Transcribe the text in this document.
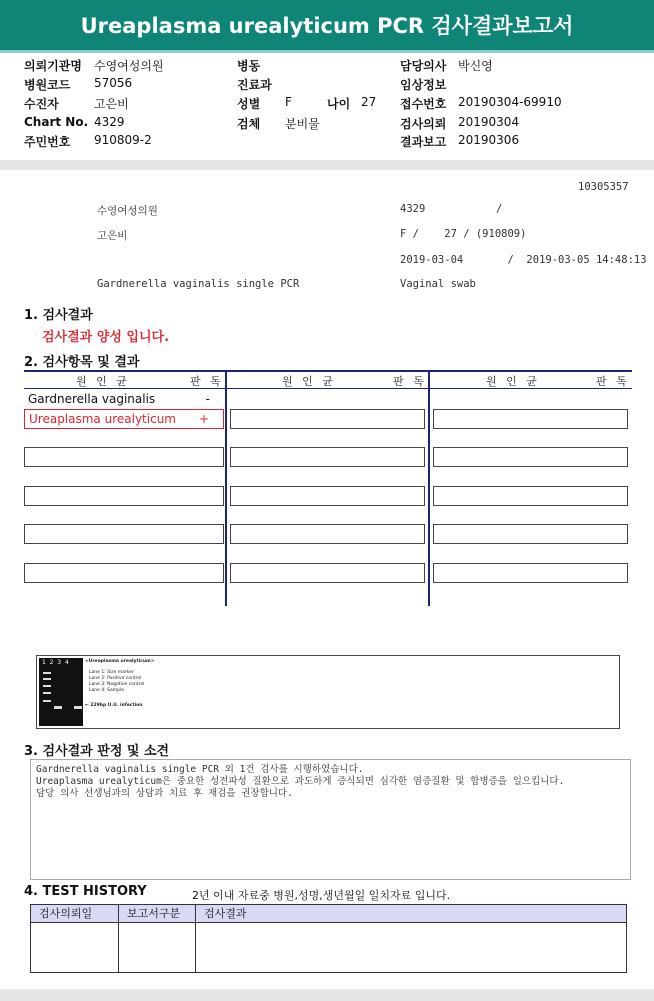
Ureaplasma urealyticum PCR 검사결과보고서
의뢰기관명 수영여성의원
병원코드 57056
수진자	고은비
Chart No. 4329
주민번호 910809-2
병동
진료과
성별 F	나이 27
검체 분비물
담당의사 박신영
임상정보
접수번호 20190304-69910
검사의뢰 20190304
결과보고 20190306
10305357
수영여성의원	4329	/
고은비	F /    27 / (910809)
2019-03-04       /  2019-03-05 14:48:13
Gardnerella vaginalis single PCR	Vaginal swab
1. 검사결과
검사결과 양성 입니다.
2. 검사항목 및 결과
원 인 균	판 독	원 인 균	판 독	원 인 균	판 독
Gardnerella vaginalis	-
Ureaplasma urealyticum +
1  2  3  4	<Ureaplasma urealyticum>
Lane 1: Size marker
Lane 2: Positive control
Lane 3: Negative control
Lane 4: Sample
← 229bp U.U. infection
3. 검사결과 판정 및 소견
Gardnerella vaginalis single PCR 외 1건 검사를 시행하였습니다.
Ureaplasma urealyticum은 중요한 성전파성 질환으로 과도하게 증식되면 심각한 염증질환 및 합병증을 일으킵니다.
담당 의사 선생님과의 상담과 치료 후 재검을 권장합니다.
4. TEST HISTORY	2년 이내 자료중 병원,성명,생년월일 일치자료 입니다.
검사의뢰일	보고서구분	검사결과
